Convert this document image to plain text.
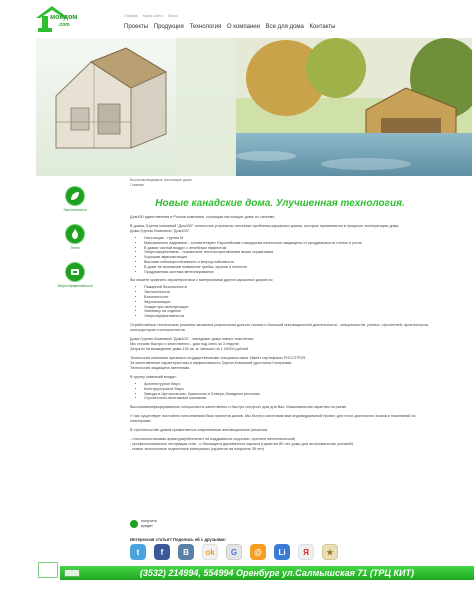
мойдом
.com
Главная Карта сайта Поиск
Проекты Продукция Технология О компании Все для дома Контакты
Экологичность
Тепло
Энергоэффективность
Быстровозводимые настоящие дома
Главная
Новые канадские дома. Улучшенная технология.
Дом100 единственная в России компания, строящая настоящие дома по системе.
В домах Группы компаний "Дом100" полностью устранены типичные проблемы каркасных домов, которые проявляются в процессе эксплуатации дома.
Дома Группы Компании "Дом100":
• Настоящие - группа М
• Максимально надежные - соответствуют Европейским стандартам полностью защищены от продуваемости стенок и углов
• В домах чистый воздух с лечебным эффектом
• Энергоэффективны - показатели теплосопротивления выше нормативов
• Хорошая звукоизоляция
• Высокая сейсмоустойчивость и ветроустойчивость
• В доме не возникнов появление грибка, мучков и плесени
• Продуманная система вентилирования
Вы можете сравнить характеристики с материалами других каркасных домов по:
• Пожарной безопасности
• Экологичности
• Безопасности
• Звукоизоляции
• Усадке при эксплуатации
• Уменнику на отделке
• Энергоэффективности
Отработанные технические решения являются результатом долгого поиска и большой инновационной деятельности - специалистов, ученых, строителей, архитекторов, конструкторов и консультантов.
Дома Группы Компаний "Дом100" - канадские дома нового поколения.
Мы строим быстро и качественно - дом под ключ за 3 недели
Затраты на возведение дома 100 кв. м. меньше на 1 00000 рублей
Технология компании признана государственными специалистами. Имеет сертификат РОССТРОЯ.
За качественные характеристики и эффективность Группа Компаний удостоена Госпремии.
Технология защищена патентами.
В группу компаний входят:
• Архитектурное бюро
• Конструкторское бюро
• Заводы в Центральном, Уральском и Северо-Западном регионах
• Строительно-монтажные компании
Высококвалифицированные специалисты качественно и быстро построят дом для Вас. Максимальная гарантия на рынке.
У нас существует постоянно пополняемая база проектов домов. Мы быстро изготовим вам индивидуальный проект, для этого достаточно эскиза и пожеланий по планировке.
В строительстве домов применяются современные инновационные решения:
- стеклопластиковая арматура(обеспечен на поддаваться коррозии, прочнее металлической)
- профессиональные негорящая огне - и биозащита деревянного каркаса (гарантия 85 лет дома для экстремальных условий)
- новые экологичные отделочные материалы (гарантия на покрытие 35 лет)
получить
кредит
Интересная статья? Поделись ей с друзьями:
t	f B ok G @ Li Я ★
(3532) 214994, 554994 Оренбург ул.Салмышская 71 (ТРЦ КИТ)
